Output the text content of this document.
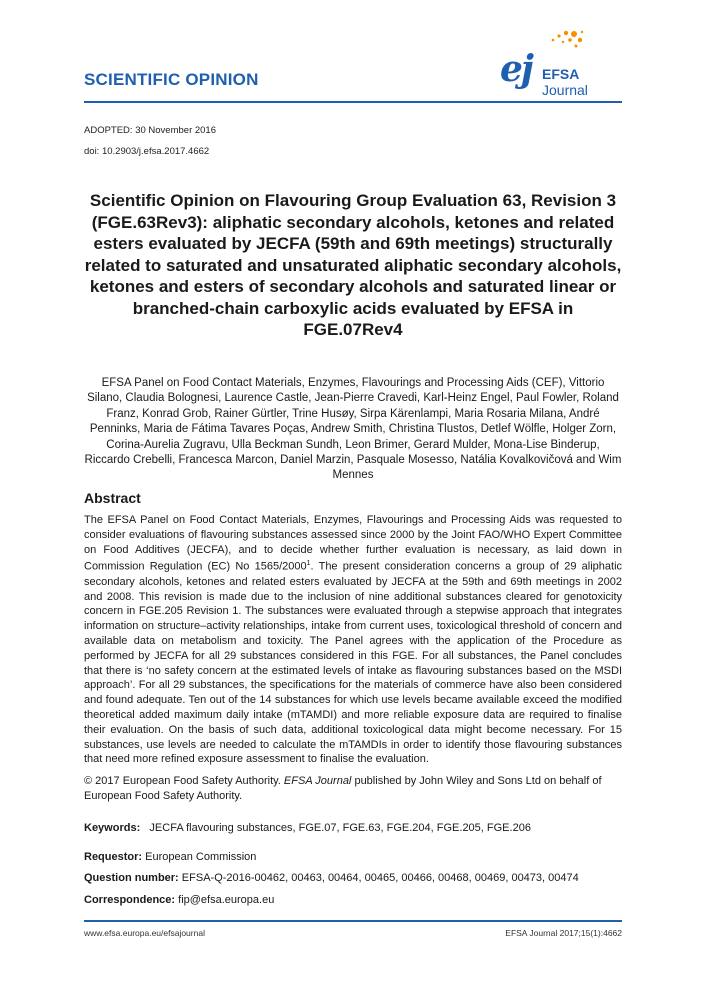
SCIENTIFIC OPINION	ej EFSA Journal
ADOPTED: 30 November 2016
doi: 10.2903/j.efsa.2017.4662
Scientific Opinion on Flavouring Group Evaluation 63, Revision 3 (FGE.63Rev3): aliphatic secondary alcohols, ketones and related esters evaluated by JECFA (59th and 69th meetings) structurally related to saturated and unsaturated aliphatic secondary alcohols, ketones and esters of secondary alcohols and saturated linear or branched-chain carboxylic acids evaluated by EFSA in FGE.07Rev4
EFSA Panel on Food Contact Materials, Enzymes, Flavourings and Processing Aids (CEF), Vittorio Silano, Claudia Bolognesi, Laurence Castle, Jean-Pierre Cravedi, Karl-Heinz Engel, Paul Fowler, Roland Franz, Konrad Grob, Rainer Gürtler, Trine Husøy, Sirpa Kärenlampi, Maria Rosaria Milana, André Penninks, Maria de Fátima Tavares Poças, Andrew Smith, Christina Tlustos, Detlef Wölfle, Holger Zorn, Corina-Aurelia Zugravu, Ulla Beckman Sundh, Leon Brimer, Gerard Mulder, Mona-Lise Binderup, Riccardo Crebelli, Francesca Marcon, Daniel Marzin, Pasquale Mosesso, Natália Kovalkovičová and Wim Mennes
Abstract
The EFSA Panel on Food Contact Materials, Enzymes, Flavourings and Processing Aids was requested to consider evaluations of flavouring substances assessed since 2000 by the Joint FAO/WHO Expert Committee on Food Additives (JECFA), and to decide whether further evaluation is necessary, as laid down in Commission Regulation (EC) No 1565/2000$^1$. The present consideration concerns a group of 29 aliphatic secondary alcohols, ketones and related esters evaluated by JECFA at the 59th and 69th meetings in 2002 and 2008. This revision is made due to the inclusion of nine additional substances cleared for genotoxicity concern in FGE.205 Revision 1. The substances were evaluated through a stepwise approach that integrates information on structure–activity relationships, intake from current uses, toxicological threshold of concern and available data on metabolism and toxicity. The Panel agrees with the application of the Procedure as performed by JECFA for all 29 substances considered in this FGE. For all substances, the Panel concludes that there is ‘no safety concern at the estimated levels of intake as flavouring substances based on the MSDI approach’. For all 29 substances, the specifications for the materials of commerce have also been considered and found adequate. Ten out of the 14 substances for which use levels became available exceed the modified theoretical added maximum daily intake (mTAMDI) and more reliable exposure data are required to finalise their evaluation. On the basis of such data, additional toxicological data might become necessary. For 15 substances, use levels are needed to calculate the mTAMDIs in order to identify those flavouring substances that need more refined exposure assessment to finalise the evaluation.
© 2017 European Food Safety Authority. EFSA Journal published by John Wiley and Sons Ltd on behalf of European Food Safety Authority.
Keywords: JECFA flavouring substances, FGE.07, FGE.63, FGE.204, FGE.205, FGE.206
Requestor: European Commission
Question number: EFSA-Q-2016-00462, 00463, 00464, 00465, 00466, 00468, 00469, 00473, 00474
Correspondence: fip@efsa.europa.eu
www.efsa.europa.eu/efsajournal	EFSA Journal 2017;15(1):4662
